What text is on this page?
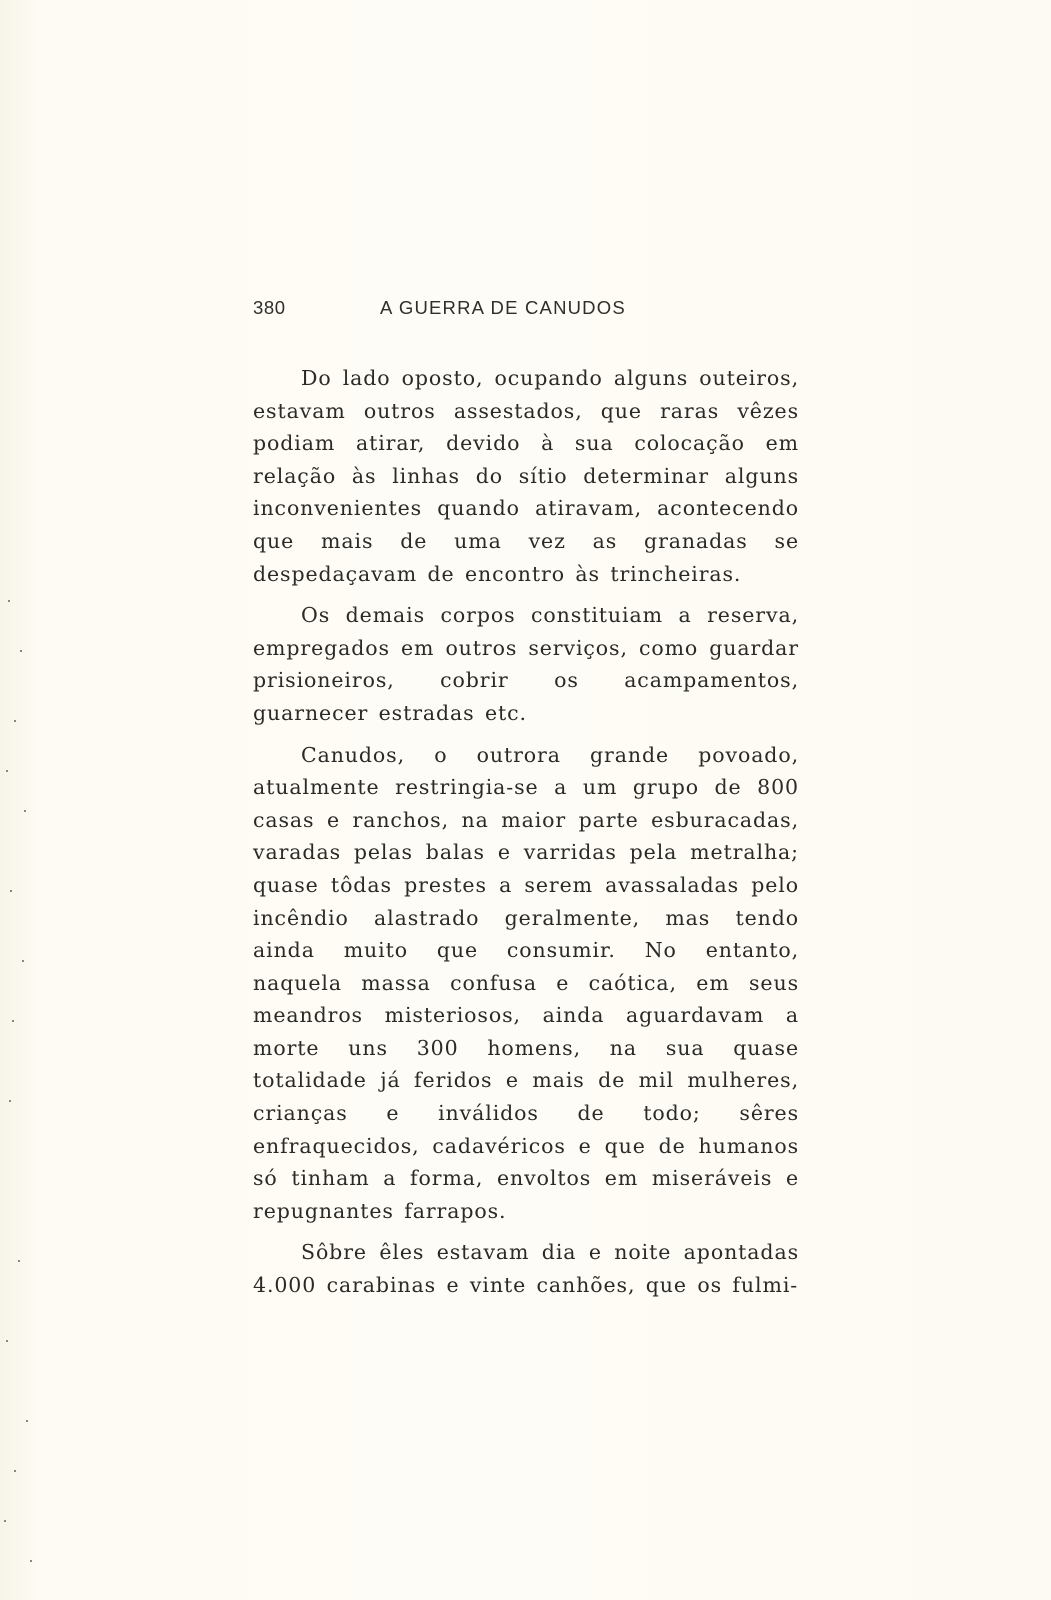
380	A GUERRA DE CANUDOS

Do lado oposto, ocupando alguns outeiros, estavam outros assestados, que raras vêzes podiam atirar, devido à sua colocação em relação às linhas do sítio determinar alguns inconvenientes quando atiravam, acontecendo que mais de uma vez as granadas se despedaçavam de encontro às trincheiras.

Os demais corpos constituiam a reserva, empregados em outros serviços, como guardar prisioneiros, cobrir os acampamentos, guarnecer estradas etc.

Canudos, o outrora grande povoado, atualmente restringia-se a um grupo de 800 casas e ranchos, na maior parte esburacadas, varadas pelas balas e varridas pela metralha; quase tôdas prestes a serem avassaladas pelo incêndio alastrado geralmente, mas tendo ainda muito que consumir. No entanto, naquela massa confusa e caótica, em seus meandros misteriosos, ainda aguardavam a morte uns 300 homens, na sua quase totalidade já feridos e mais de mil mulheres, crianças e inválidos de todo; sêres enfraquecidos, cadavéricos e que de humanos só tinham a forma, envoltos em miseráveis e repugnantes farrapos.

Sôbre êles estavam dia e noite apontadas 4.000 carabinas e vinte canhões, que os fulmi-
